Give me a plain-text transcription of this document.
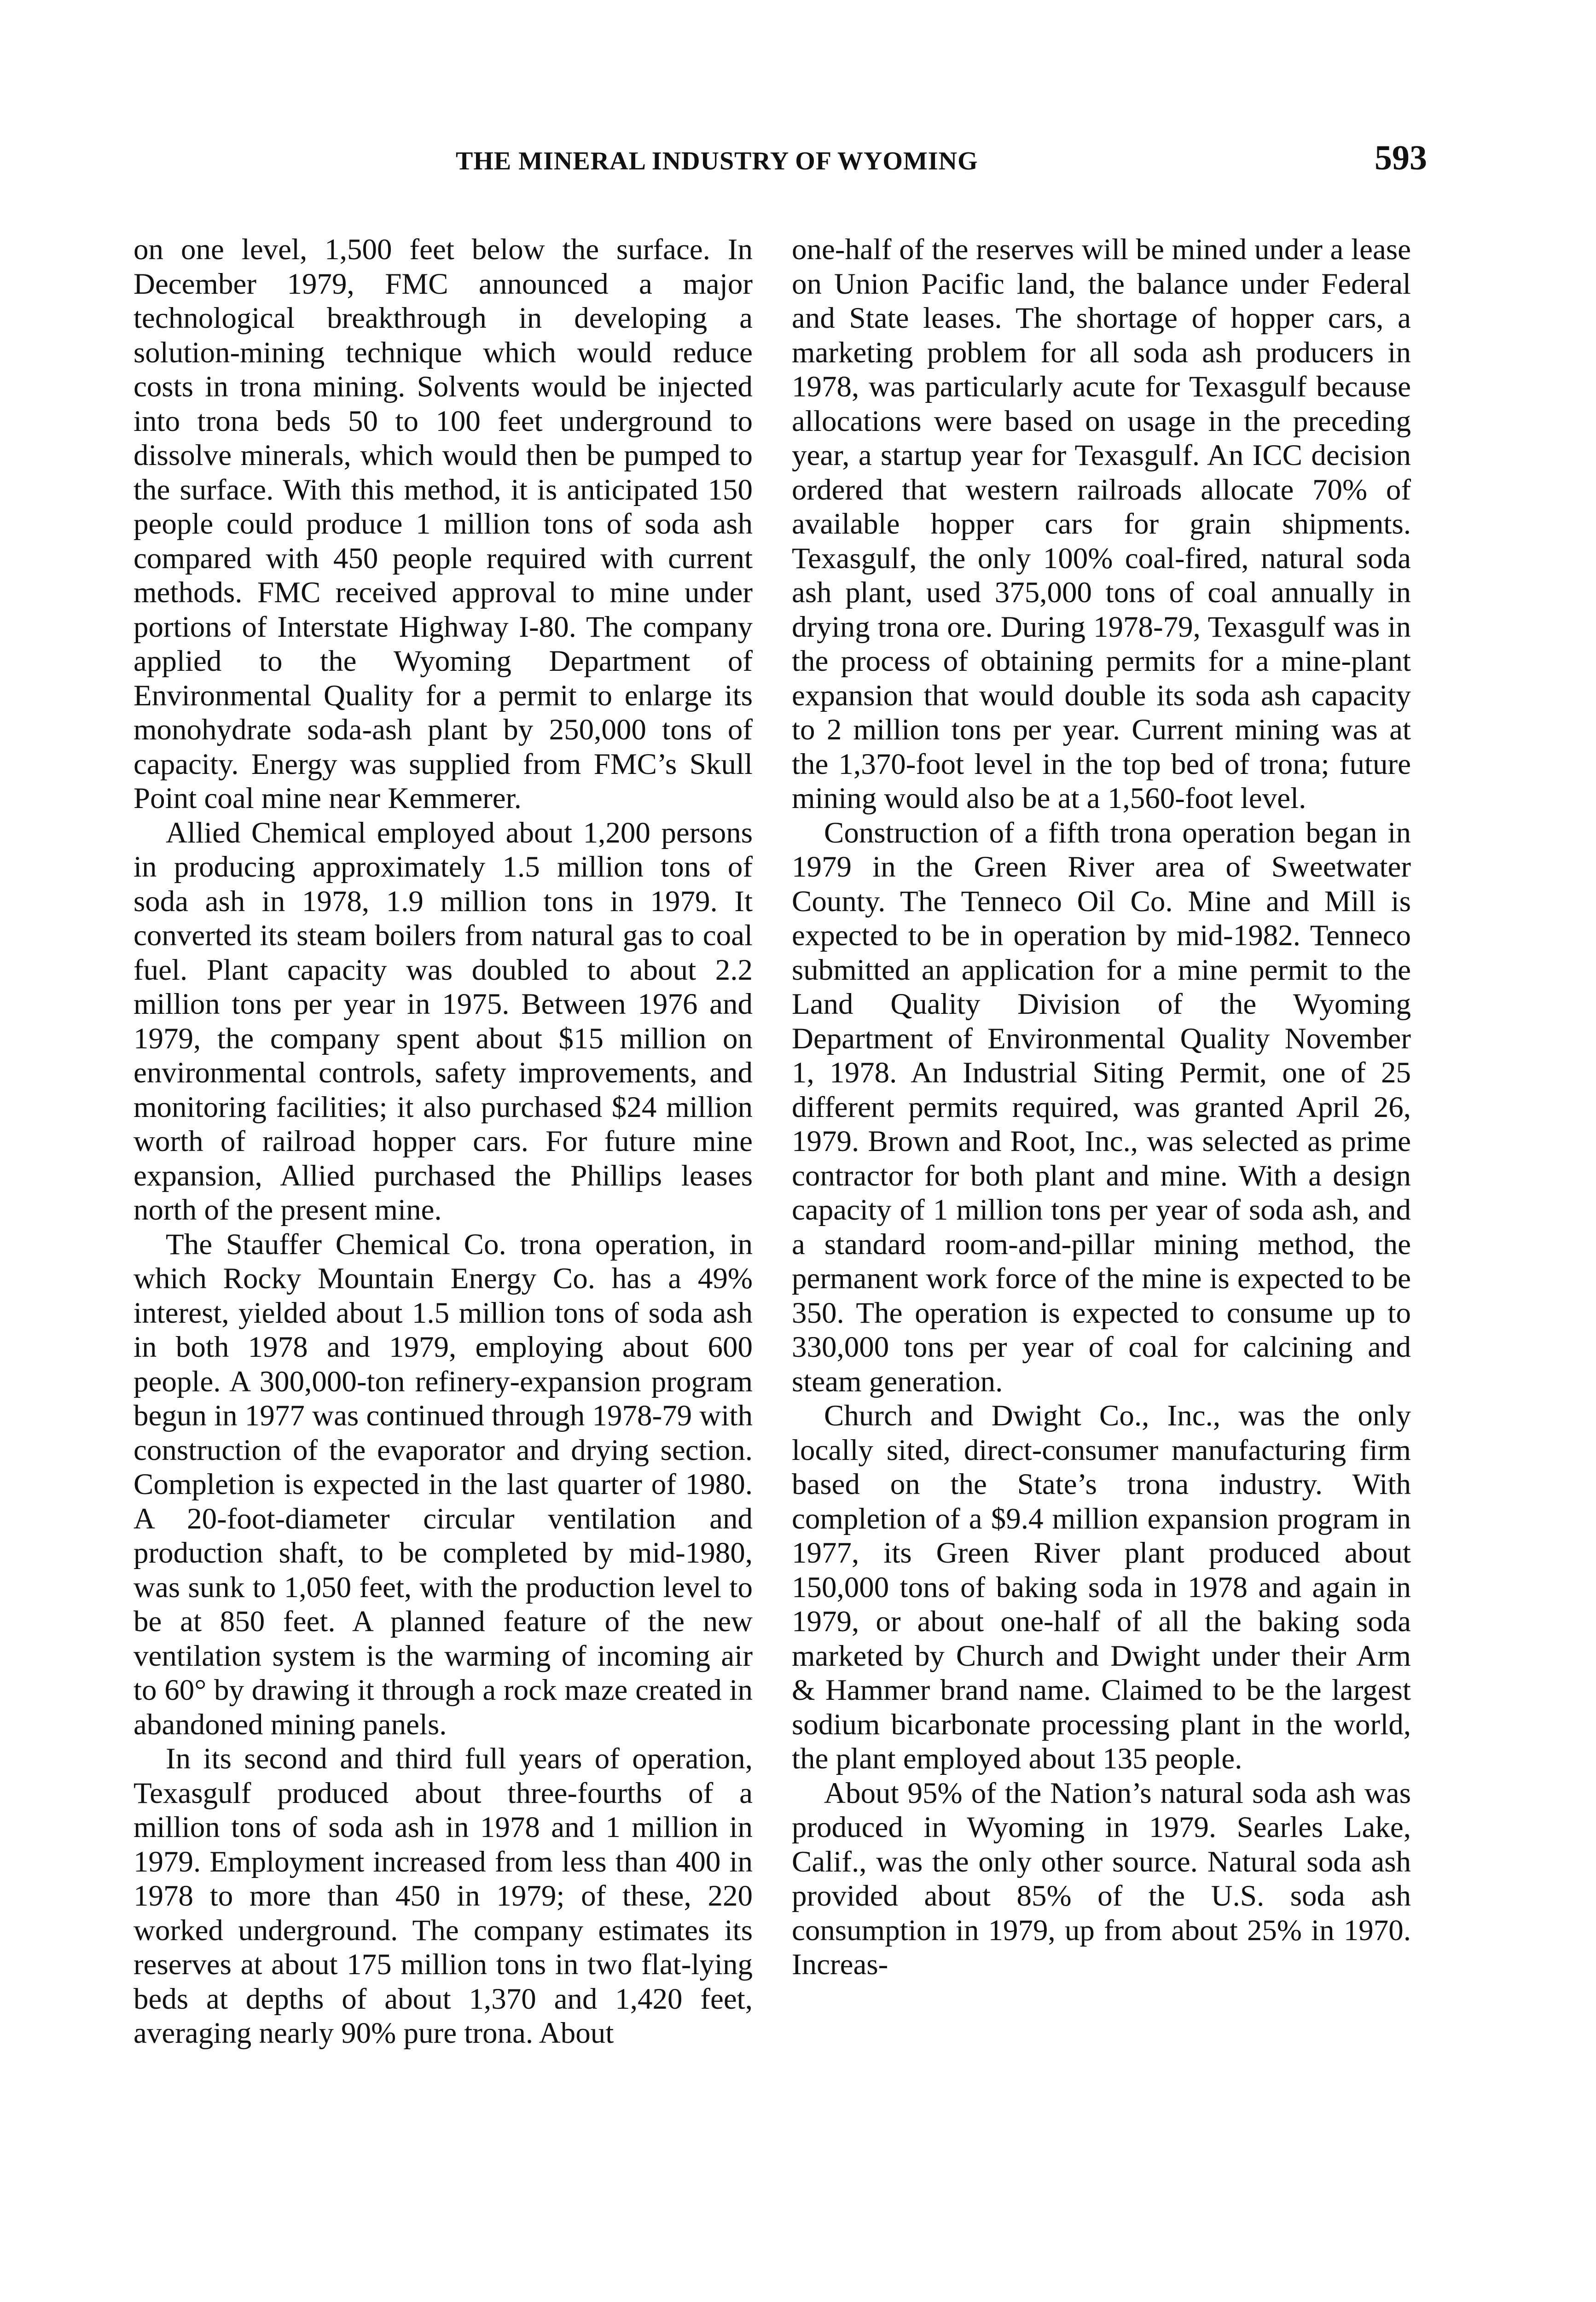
THE MINERAL INDUSTRY OF WYOMING	593

on one level, 1,500 feet below the surface. In December 1979, FMC announced a major technological breakthrough in developing a solution-mining technique which would reduce costs in trona mining. Solvents would be injected into trona beds 50 to 100 feet underground to dissolve minerals, which would then be pumped to the surface. With this method, it is anticipated 150 people could produce 1 million tons of soda ash compared with 450 people required with current methods. FMC received approval to mine under portions of Interstate Highway I-80. The company applied to the Wyoming Department of Environmental Quality for a permit to enlarge its monohydrate soda-ash plant by 250,000 tons of capacity. Energy was supplied from FMC’s Skull Point coal mine near Kemmerer.

Allied Chemical employed about 1,200 persons in producing approximately 1.5 million tons of soda ash in 1978, 1.9 million tons in 1979. It converted its steam boilers from natural gas to coal fuel. Plant capacity was doubled to about 2.2 million tons per year in 1975. Between 1976 and 1979, the company spent about $15 million on environmental controls, safety improvements, and monitoring facilities; it also purchased $24 million worth of railroad hopper cars. For future mine expansion, Allied purchased the Phillips leases north of the present mine.

The Stauffer Chemical Co. trona operation, in which Rocky Mountain Energy Co. has a 49% interest, yielded about 1.5 million tons of soda ash in both 1978 and 1979, employing about 600 people. A 300,000-ton refinery-expansion program begun in 1977 was continued through 1978-79 with construction of the evaporator and drying section. Completion is expected in the last quarter of 1980. A 20-foot-diameter circular ventilation and production shaft, to be completed by mid-1980, was sunk to 1,050 feet, with the production level to be at 850 feet. A planned feature of the new ventilation system is the warming of incoming air to 60° by drawing it through a rock maze created in abandoned mining panels.

In its second and third full years of operation, Texasgulf produced about three-fourths of a million tons of soda ash in 1978 and 1 million in 1979. Employment increased from less than 400 in 1978 to more than 450 in 1979; of these, 220 worked underground. The company estimates its reserves at about 175 million tons in two flat-lying beds at depths of about 1,370 and 1,420 feet, averaging nearly 90% pure trona. About

one-half of the reserves will be mined under a lease on Union Pacific land, the balance under Federal and State leases. The shortage of hopper cars, a marketing problem for all soda ash producers in 1978, was particularly acute for Texasgulf because allocations were based on usage in the preceding year, a startup year for Texasgulf. An ICC decision ordered that western railroads allocate 70% of available hopper cars for grain shipments. Texasgulf, the only 100% coal-fired, natural soda ash plant, used 375,000 tons of coal annually in drying trona ore. During 1978-79, Texasgulf was in the process of obtaining permits for a mine-plant expansion that would double its soda ash capacity to 2 million tons per year. Current mining was at the 1,370-foot level in the top bed of trona; future mining would also be at a 1,560-foot level.

Construction of a fifth trona operation began in 1979 in the Green River area of Sweetwater County. The Tenneco Oil Co. Mine and Mill is expected to be in operation by mid-1982. Tenneco submitted an application for a mine permit to the Land Quality Division of the Wyoming Department of Environmental Quality November 1, 1978. An Industrial Siting Permit, one of 25 different permits required, was granted April 26, 1979. Brown and Root, Inc., was selected as prime contractor for both plant and mine. With a design capacity of 1 million tons per year of soda ash, and a standard room-and-pillar mining method, the permanent work force of the mine is expected to be 350. The operation is expected to consume up to 330,000 tons per year of coal for calcining and steam generation.

Church and Dwight Co., Inc., was the only locally sited, direct-consumer manufacturing firm based on the State’s trona industry. With completion of a $9.4 million expansion program in 1977, its Green River plant produced about 150,000 tons of baking soda in 1978 and again in 1979, or about one-half of all the baking soda marketed by Church and Dwight under their Arm & Hammer brand name. Claimed to be the largest sodium bicarbonate processing plant in the world, the plant employed about 135 people.

About 95% of the Nation’s natural soda ash was produced in Wyoming in 1979. Searles Lake, Calif., was the only other source. Natural soda ash provided about 85% of the U.S. soda ash consumption in 1979, up from about 25% in 1970. Increas-
